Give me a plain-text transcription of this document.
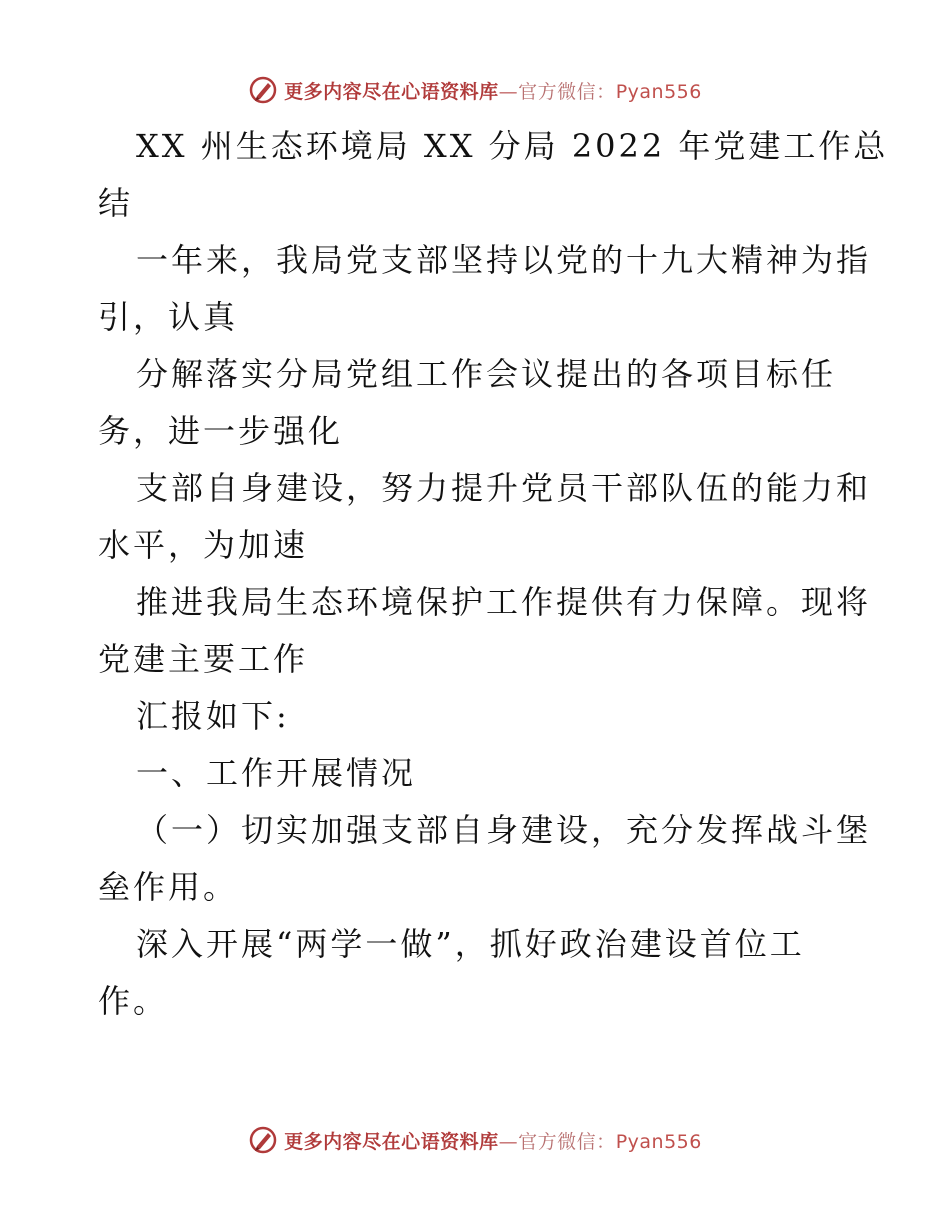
更多内容尽在心语资料库—官方微信：Pyan556
XX 州生态环境局 XX 分局 2022 年党建工作总
结
一年来，我局党支部坚持以党的十九大精神为指
引，认真
分解落实分局党组工作会议提出的各项目标任
务，进一步强化
支部自身建设，努力提升党员干部队伍的能力和
水平，为加速
推进我局生态环境保护工作提供有力保障。现将
党建主要工作
汇报如下:
一、工作开展情况
（一）切实加强支部自身建设，充分发挥战斗堡
垒作用。
深入开展“两学一做”，抓好政治建设首位工
作。
更多内容尽在心语资料库—官方微信：Pyan556
